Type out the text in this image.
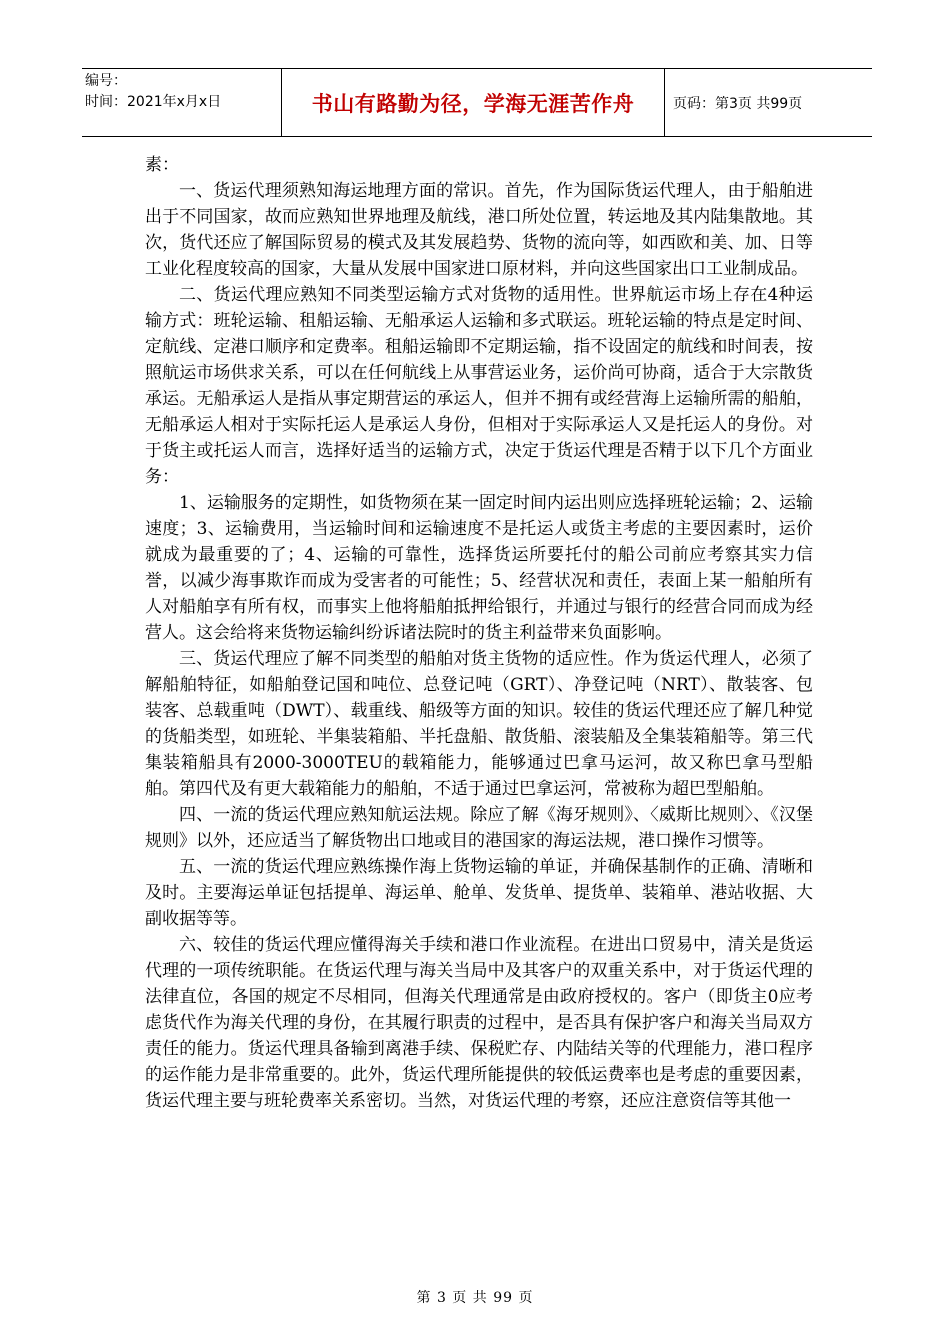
编号：
时间：2021年x月x日	书山有路勤为径，学海无涯苦作舟	页码：第3页 共99页

素：

一、货运代理须熟知海运地理方面的常识。首先，作为国际货运代理人，由于船舶进出于不同国家，故而应熟知世界地理及航线，港口所处位置，转运地及其内陆集散地。其次，货代还应了解国际贸易的模式及其发展趋势、货物的流向等，如西欧和美、加、日等工业化程度较高的国家，大量从发展中国家进口原材料，并向这些国家出口工业制成品。

二、货运代理应熟知不同类型运输方式对货物的适用性。世界航运市场上存在4种运输方式：班轮运输、租船运输、无船承运人运输和多式联运。班轮运输的特点是定时间、定航线、定港口顺序和定费率。租船运输即不定期运输，指不设固定的航线和时间表，按照航运市场供求关系，可以在任何航线上从事营运业务，运价尚可协商，适合于大宗散货承运。无船承运人是指从事定期营运的承运人，但并不拥有或经营海上运输所需的船舶，无船承运人相对于实际托运人是承运人身份，但相对于实际承运人又是托运人的身份。对于货主或托运人而言，选择好适当的运输方式，决定于货运代理是否精于以下几个方面业务：

1、运输服务的定期性，如货物须在某一固定时间内运出则应选择班轮运输；2、运输速度；3、运输费用，当运输时间和运输速度不是托运人或货主考虑的主要因素时，运价就成为最重要的了；4、运输的可靠性，选择货运所要托付的船公司前应考察其实力信誉，以减少海事欺诈而成为受害者的可能性；5、经营状况和责任，表面上某一船舶所有人对船舶享有所有权，而事实上他将船舶抵押给银行，并通过与银行的经营合同而成为经营人。这会给将来货物运输纠纷诉诸法院时的货主利益带来负面影响。

三、货运代理应了解不同类型的船舶对货主货物的适应性。作为货运代理人，必须了解船舶特征，如船舶登记国和吨位、总登记吨（GRT）、净登记吨（NRT）、散装客、包装客、总载重吨（DWT）、载重线、船级等方面的知识。较佳的货运代理还应了解几种觉的货船类型，如班轮、半集装箱船、半托盘船、散货船、滚装船及全集装箱船等。第三代集装箱船具有2000-3000TEU的载箱能力，能够通过巴拿马运河，故又称巴拿马型船舶。第四代及有更大载箱能力的船舶，不适于通过巴拿运河，常被称为超巴型船舶。

四、一流的货运代理应熟知航运法规。除应了解《海牙规则》、〈威斯比规则〉、《汉堡规则》以外，还应适当了解货物出口地或目的港国家的海运法规，港口操作习惯等。

五、一流的货运代理应熟练操作海上货物运输的单证，并确保基制作的正确、清晰和及时。主要海运单证包括提单、海运单、舱单、发货单、提货单、装箱单、港站收据、大副收据等等。

六、较佳的货运代理应懂得海关手续和港口作业流程。在进出口贸易中，清关是货运代理的一项传统职能。在货运代理与海关当局中及其客户的双重关系中，对于货运代理的法律直位，各国的规定不尽相同，但海关代理通常是由政府授权的。客户（即货主0应考虑货代作为海关代理的身份，在其履行职责的过程中，是否具有保护客户和海关当局双方责任的能力。货运代理具备输到离港手续、保税贮存、内陆结关等的代理能力，港口程序的运作能力是非常重要的。此外，货运代理所能提供的较低运费率也是考虑的重要因素，货运代理主要与班轮费率关系密切。当然，对货运代理的考察，还应注意资信等其他一

第 3 页 共 99 页
